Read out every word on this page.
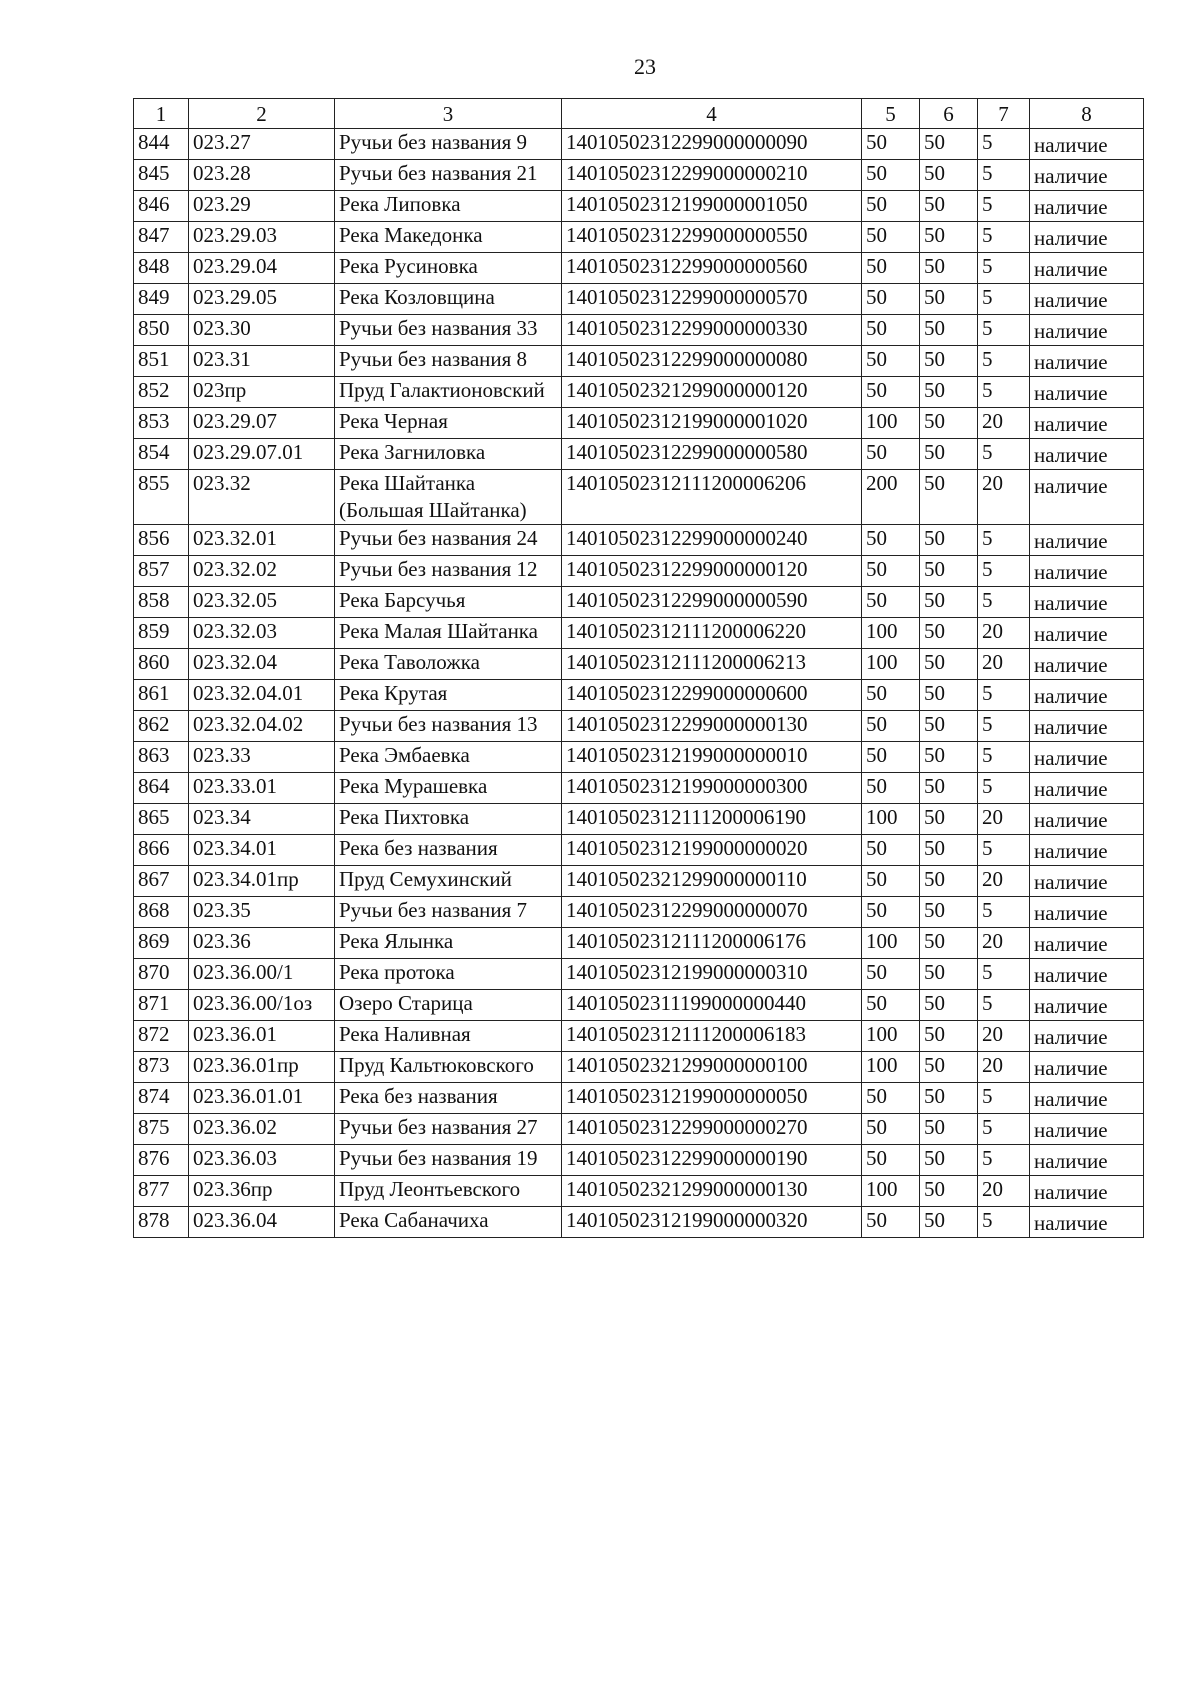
23
1	2	3	4	5	6	7	8
844	023.27	Ручьи без названия 9	14010502312299000000090	50	50	5	наличие
845	023.28	Ручьи без названия 21	14010502312299000000210	50	50	5	наличие
846	023.29	Река Липовка	14010502312199000001050	50	50	5	наличие
847	023.29.03	Река Македонка	14010502312299000000550	50	50	5	наличие
848	023.29.04	Река Русиновка	14010502312299000000560	50	50	5	наличие
849	023.29.05	Река Козловщина	14010502312299000000570	50	50	5	наличие
850	023.30	Ручьи без названия 33	14010502312299000000330	50	50	5	наличие
851	023.31	Ручьи без названия 8	14010502312299000000080	50	50	5	наличие
852	023пр	Пруд Галактионовский	14010502321299000000120	50	50	5	наличие
853	023.29.07	Река Черная	14010502312199000001020	100	50	20	наличие
854	023.29.07.01	Река Загниловка	14010502312299000000580	50	50	5	наличие
855	023.32	Река Шайтанка (Большая Шайтанка)	14010502312111200006206	200	50	20	наличие
856	023.32.01	Ручьи без названия 24	14010502312299000000240	50	50	5	наличие
857	023.32.02	Ручьи без названия 12	14010502312299000000120	50	50	5	наличие
858	023.32.05	Река Барсучья	14010502312299000000590	50	50	5	наличие
859	023.32.03	Река Малая Шайтанка	14010502312111200006220	100	50	20	наличие
860	023.32.04	Река Таволожка	14010502312111200006213	100	50	20	наличие
861	023.32.04.01	Река Крутая	14010502312299000000600	50	50	5	наличие
862	023.32.04.02	Ручьи без названия 13	14010502312299000000130	50	50	5	наличие
863	023.33	Река Эмбаевка	14010502312199000000010	50	50	5	наличие
864	023.33.01	Река Мурашевка	14010502312199000000300	50	50	5	наличие
865	023.34	Река Пихтовка	14010502312111200006190	100	50	20	наличие
866	023.34.01	Река без названия	14010502312199000000020	50	50	5	наличие
867	023.34.01пр	Пруд Семухинский	14010502321299000000110	50	50	20	наличие
868	023.35	Ручьи без названия 7	14010502312299000000070	50	50	5	наличие
869	023.36	Река Ялынка	14010502312111200006176	100	50	20	наличие
870	023.36.00/1	Река протока	14010502312199000000310	50	50	5	наличие
871	023.36.00/1оз	Озеро Старица	14010502311199000000440	50	50	5	наличие
872	023.36.01	Река Наливная	14010502312111200006183	100	50	20	наличие
873	023.36.01пр	Пруд Кальтюковского	14010502321299000000100	100	50	20	наличие
874	023.36.01.01	Река без названия	14010502312199000000050	50	50	5	наличие
875	023.36.02	Ручьи без названия 27	14010502312299000000270	50	50	5	наличие
876	023.36.03	Ручьи без названия 19	14010502312299000000190	50	50	5	наличие
877	023.36пр	Пруд Леонтьевского	14010502321299000000130	100	50	20	наличие
878	023.36.04	Река Сабаначиха	14010502312199000000320	50	50	5	наличие
